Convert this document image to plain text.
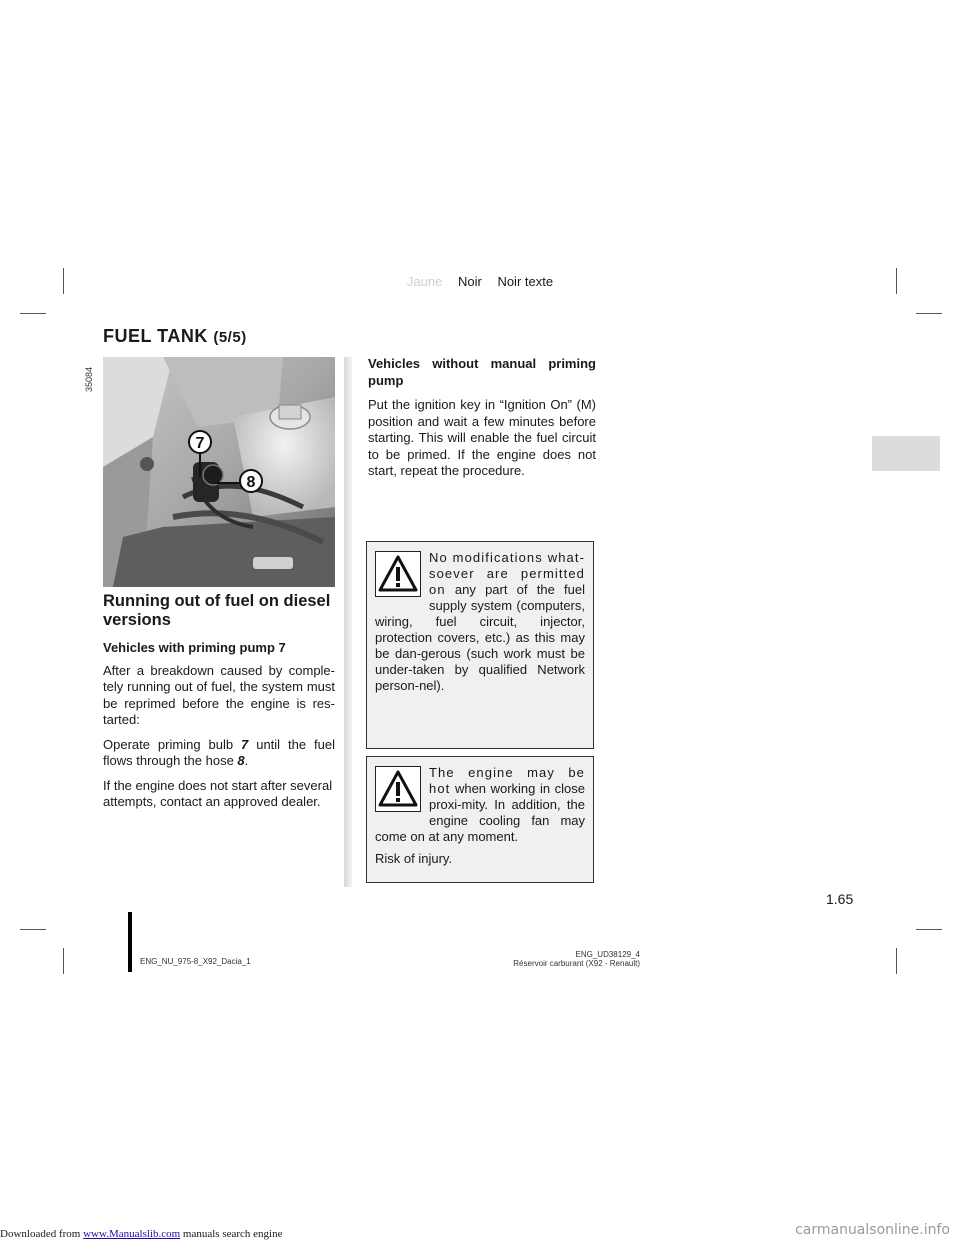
Jaune Noir Noir texte
FUEL TANK (5/5)
35084
7
8
Running out of fuel on diesel versions

Vehicles with priming pump 7

After a breakdown caused by comple-tely running out of fuel, the system must be reprimed before the engine is res-tarted:

Operate priming bulb 7 until the fuel flows through the hose 8.

If the engine does not start after several attempts, contact an approved dealer.

Vehicles without manual priming pump

Put the ignition key in “Ignition On” (M) position and wait a few minutes before starting. This will enable the fuel circuit to be primed. If the engine does not start, repeat the procedure.

No modifications what-soever are permitted on any part of the fuel supply system (computers, wiring, fuel circuit, injector, protection covers, etc.) as this may be dan-gerous (such work must be under-taken by qualified Network person-nel).
The engine may be hot when working in close proxi-mity. In addition, the engine cooling fan may come on at any moment.
Risk of injury.
1.65
ENG_NU_975-8_X92_Dacia_1
ENG_UD38129_4
Réservoir carburant (X92 - Renault)
Downloaded from www.Manualslib.com manuals search engine	carmanualsonline.info
